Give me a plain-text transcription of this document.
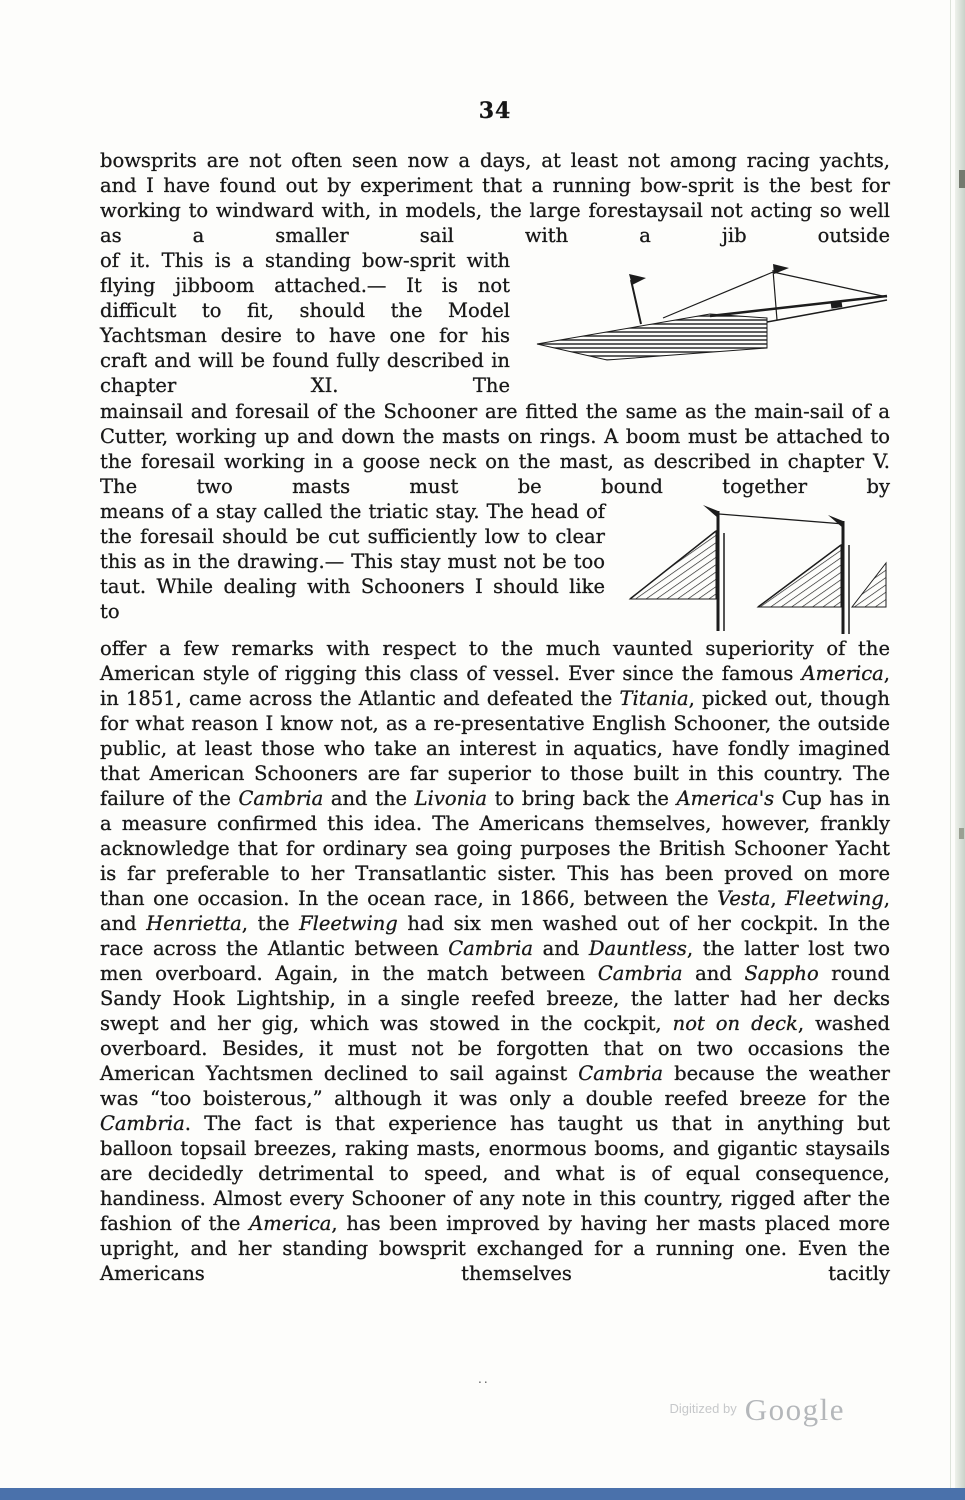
34

bowsprits are not often seen now a days, at least not among racing yachts, and I have found out by experiment that a running bow-sprit is the best for working to windward with, in models, the large forestaysail not acting so well as a smaller sail with a jib outside

of it. This is a standing bow-sprit with flying jibboom attached.— It is not difficult to fit, should the Model Yachtsman desire to have one for his craft and will be found fully described in chapter XI. The

mainsail and foresail of the Schooner are fitted the same as the main-sail of a Cutter, working up and down the masts on rings. A boom must be attached to the foresail working in a goose neck on the mast, as described in chapter V. The two masts must be bound together by

means of a stay called the triatic stay. The head of the foresail should be cut sufficiently low to clear this as in the drawing.— This stay must not be too taut. While dealing with Schooners I should like to

offer a few remarks with respect to the much vaunted superiority of the American style of rigging this class of vessel. Ever since the famous America, in 1851, came across the Atlantic and defeated the Titania, picked out, though for what reason I know not, as a re-presentative English Schooner, the outside public, at least those who take an interest in aquatics, have fondly imagined that American Schooners are far superior to those built in this country. The failure of the Cambria and the Livonia to bring back the America's Cup has in a measure confirmed this idea. The Americans themselves, however, frankly acknowledge that for ordinary sea going purposes the British Schooner Yacht is far preferable to her Transatlantic sister. This has been proved on more than one occasion. In the ocean race, in 1866, between the Vesta, Fleetwing, and Henrietta, the Fleetwing had six men washed out of her cockpit. In the race across the Atlantic between Cambria and Dauntless, the latter lost two men overboard. Again, in the match between Cambria and Sappho round Sandy Hook Lightship, in a single reefed breeze, the latter had her decks swept and her gig, which was stowed in the cockpit, not on deck, washed overboard. Besides, it must not be forgotten that on two occasions the American Yachtsmen declined to sail against Cambria because the weather was “too boisterous,” although it was only a double reefed breeze for the Cambria. The fact is that experience has taught us that in anything but balloon topsail breezes, raking masts, enormous booms, and gigantic staysails are decidedly detrimental to speed, and what is of equal consequence, handiness. Almost every Schooner of any note in this country, rigged after the fashion of the America, has been improved by having her masts placed more upright, and her standing bowsprit exchanged for a running one. Even the Americans themselves tacitly

..
$^{Digitized by}$ Google
